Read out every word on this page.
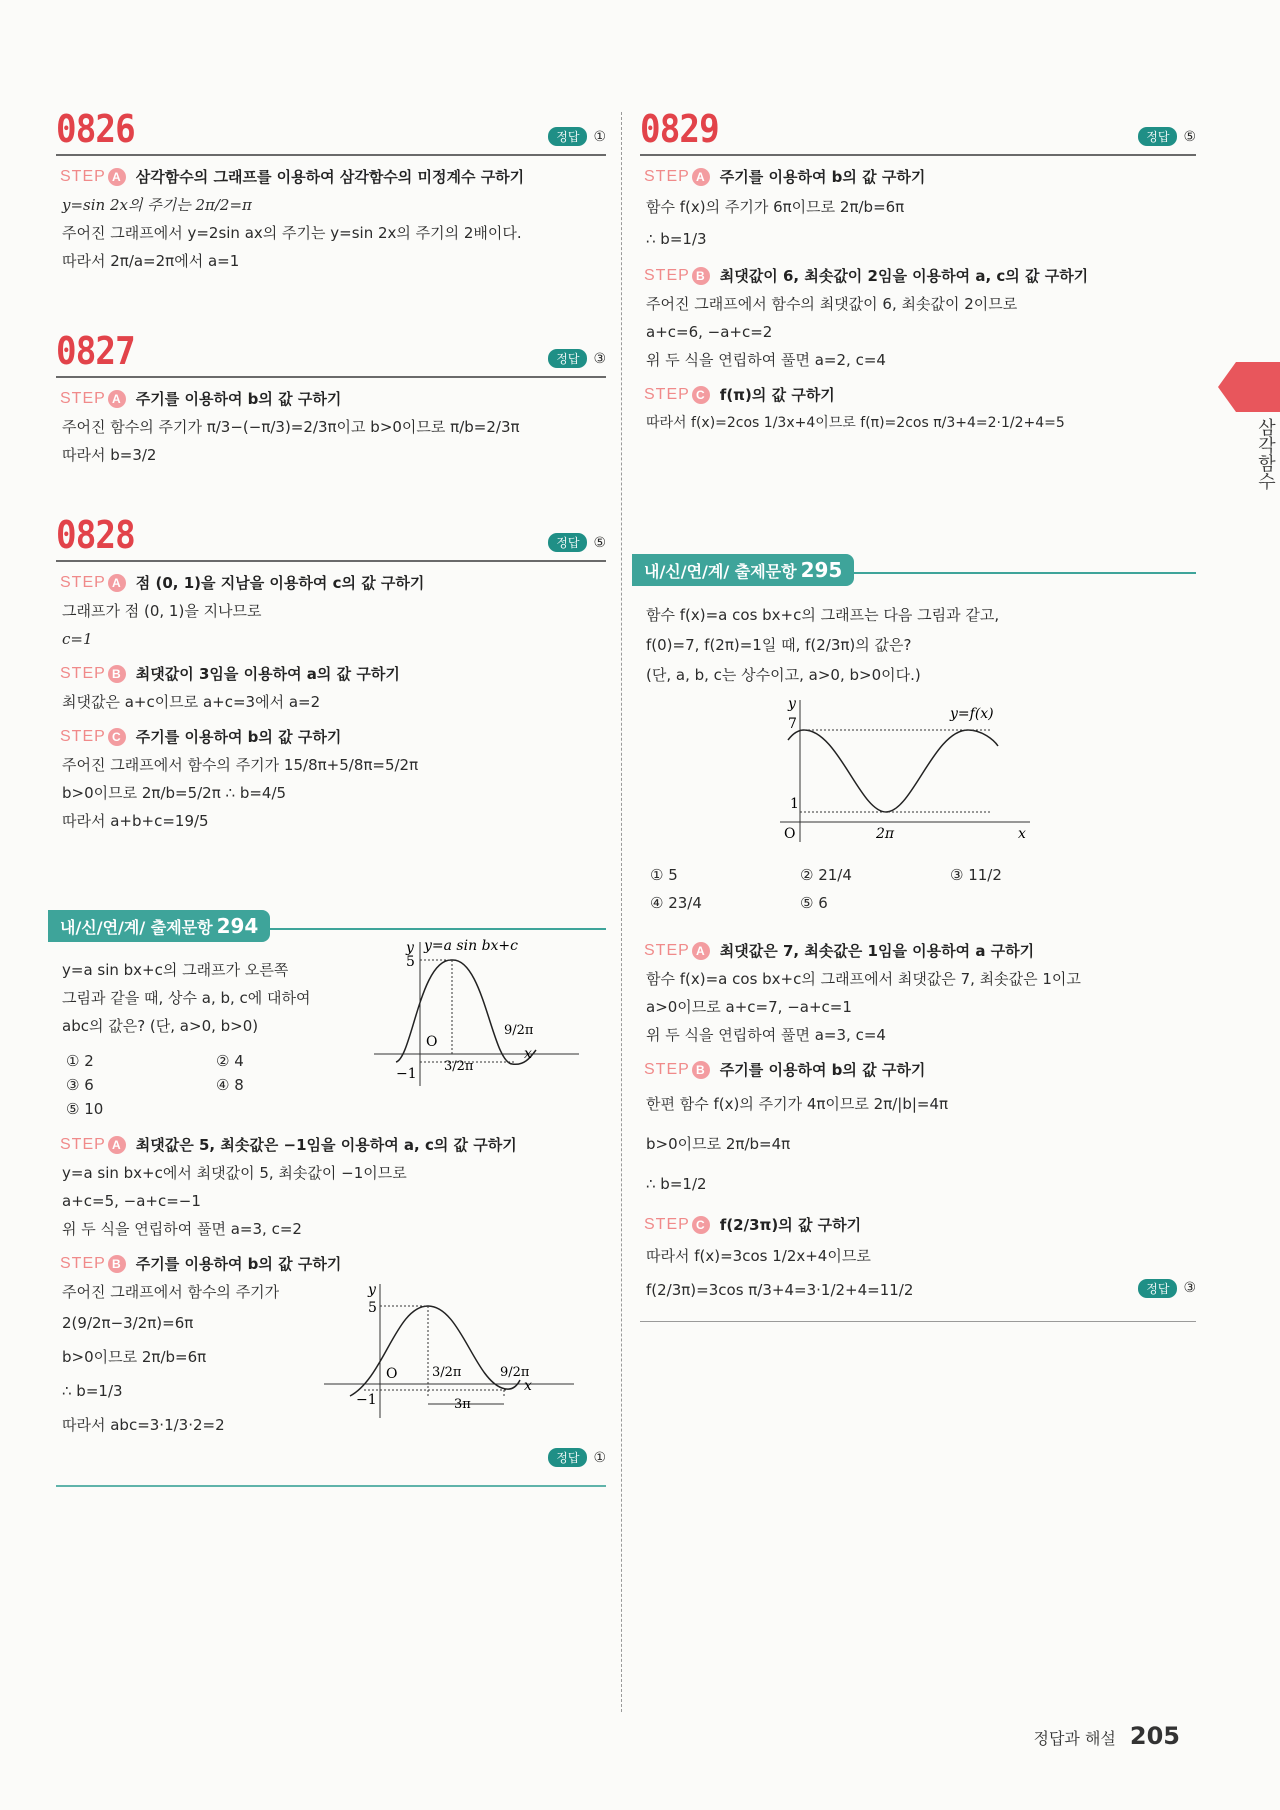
0826	정답	①
STEP A 삼각함수의 그래프를 이용하여 삼각함수의 미정계수 구하기
y=sin 2x의 주기는 2π/2=π
주어진 그래프에서 y=2sin ax의 주기는 y=sin 2x의 주기의 2배이다.
따라서 2π/a=2π에서 a=1
0827	정답	③
STEP A 주기를 이용하여 b의 값 구하기
주어진 함수의 주기가 π/3−(−π/3)=2/3π이고 b>0이므로 π/b=2/3π
따라서 b=3/2
0828	정답	⑤
STEP A 점 (0, 1)을 지남을 이용하여 c의 값 구하기
그래프가 점 (0, 1)을 지나므로
c=1
STEP B 최댓값이 3임을 이용하여 a의 값 구하기
최댓값은 a+c이므로 a+c=3에서 a=2
STEP C 주기를 이용하여 b의 값 구하기
주어진 그래프에서 함수의 주기가 15/8π+5/8π=5/2π
b>0이므로 2π/b=5/2π ∴ b=4/5
따라서 a+b+c=19/5
내/신/연/계/ 출제문항 294
y=a sin bx+c의 그래프가 오른쪽
그림과 같을 때, 상수 a, b, c에 대하여
abc의 값은? (단, a>0, b>0)
① 2	② 4
③ 6	④ 8
⑤ 10
y=a sin bx+c
y
5
O
−1 3/2π
9/2π
x
STEP A 최댓값은 5, 최솟값은 −1임을 이용하여 a, c의 값 구하기
y=a sin bx+c에서 최댓값이 5, 최솟값이 −1이므로
a+c=5, −a+c=−1
위 두 식을 연립하여 풀면 a=3, c=2
STEP B 주기를 이용하여 b의 값 구하기
주어진 그래프에서 함수의 주기가
2(9/2π−3/2π)=6π
b>0이므로 2π/b=6π
∴ b=1/3
따라서 abc=3·1/3·2=2
y
5
O
−1
3/2π	9/2π
3π
x
정답	①
0829	정답	⑤
STEP A 주기를 이용하여 b의 값 구하기
함수 f(x)의 주기가 6π이므로 2π/b=6π
∴ b=1/3
STEP B 최댓값이 6, 최솟값이 2임을 이용하여 a, c의 값 구하기
주어진 그래프에서 함수의 최댓값이 6, 최솟값이 2이므로
a+c=6, −a+c=2
위 두 식을 연립하여 풀면 a=2, c=4
STEP C f(π)의 값 구하기
따라서 f(x)=2cos 1/3x+4이므로 f(π)=2cos π/3+4=2·1/2+4=5
내/신/연/계/ 출제문항 295
함수 f(x)=a cos bx+c의 그래프는 다음 그림과 같고,
f(0)=7, f(2π)=1일 때, f(2/3π)의 값은?
(단, a, b, c는 상수이고, a>0, b>0이다.)
y
7
1
O	2π	x
y=f(x)
① 5	② 21/4	③ 11/2
④ 23/4	⑤ 6
STEP A 최댓값은 7, 최솟값은 1임을 이용하여 a 구하기
함수 f(x)=a cos bx+c의 그래프에서 최댓값은 7, 최솟값은 1이고
a>0이므로 a+c=7, −a+c=1
위 두 식을 연립하여 풀면 a=3, c=4
STEP B 주기를 이용하여 b의 값 구하기
한편 함수 f(x)의 주기가 4π이므로 2π/|b|=4π
b>0이므로 2π/b=4π
∴ b=1/2
STEP C f(2/3π)의 값 구하기
따라서 f(x)=3cos 1/2x+4이므로
f(2/3π)=3cos π/3+4=3·1/2+4=11/2	정답	③
삼각함수
정답과 해설 205
